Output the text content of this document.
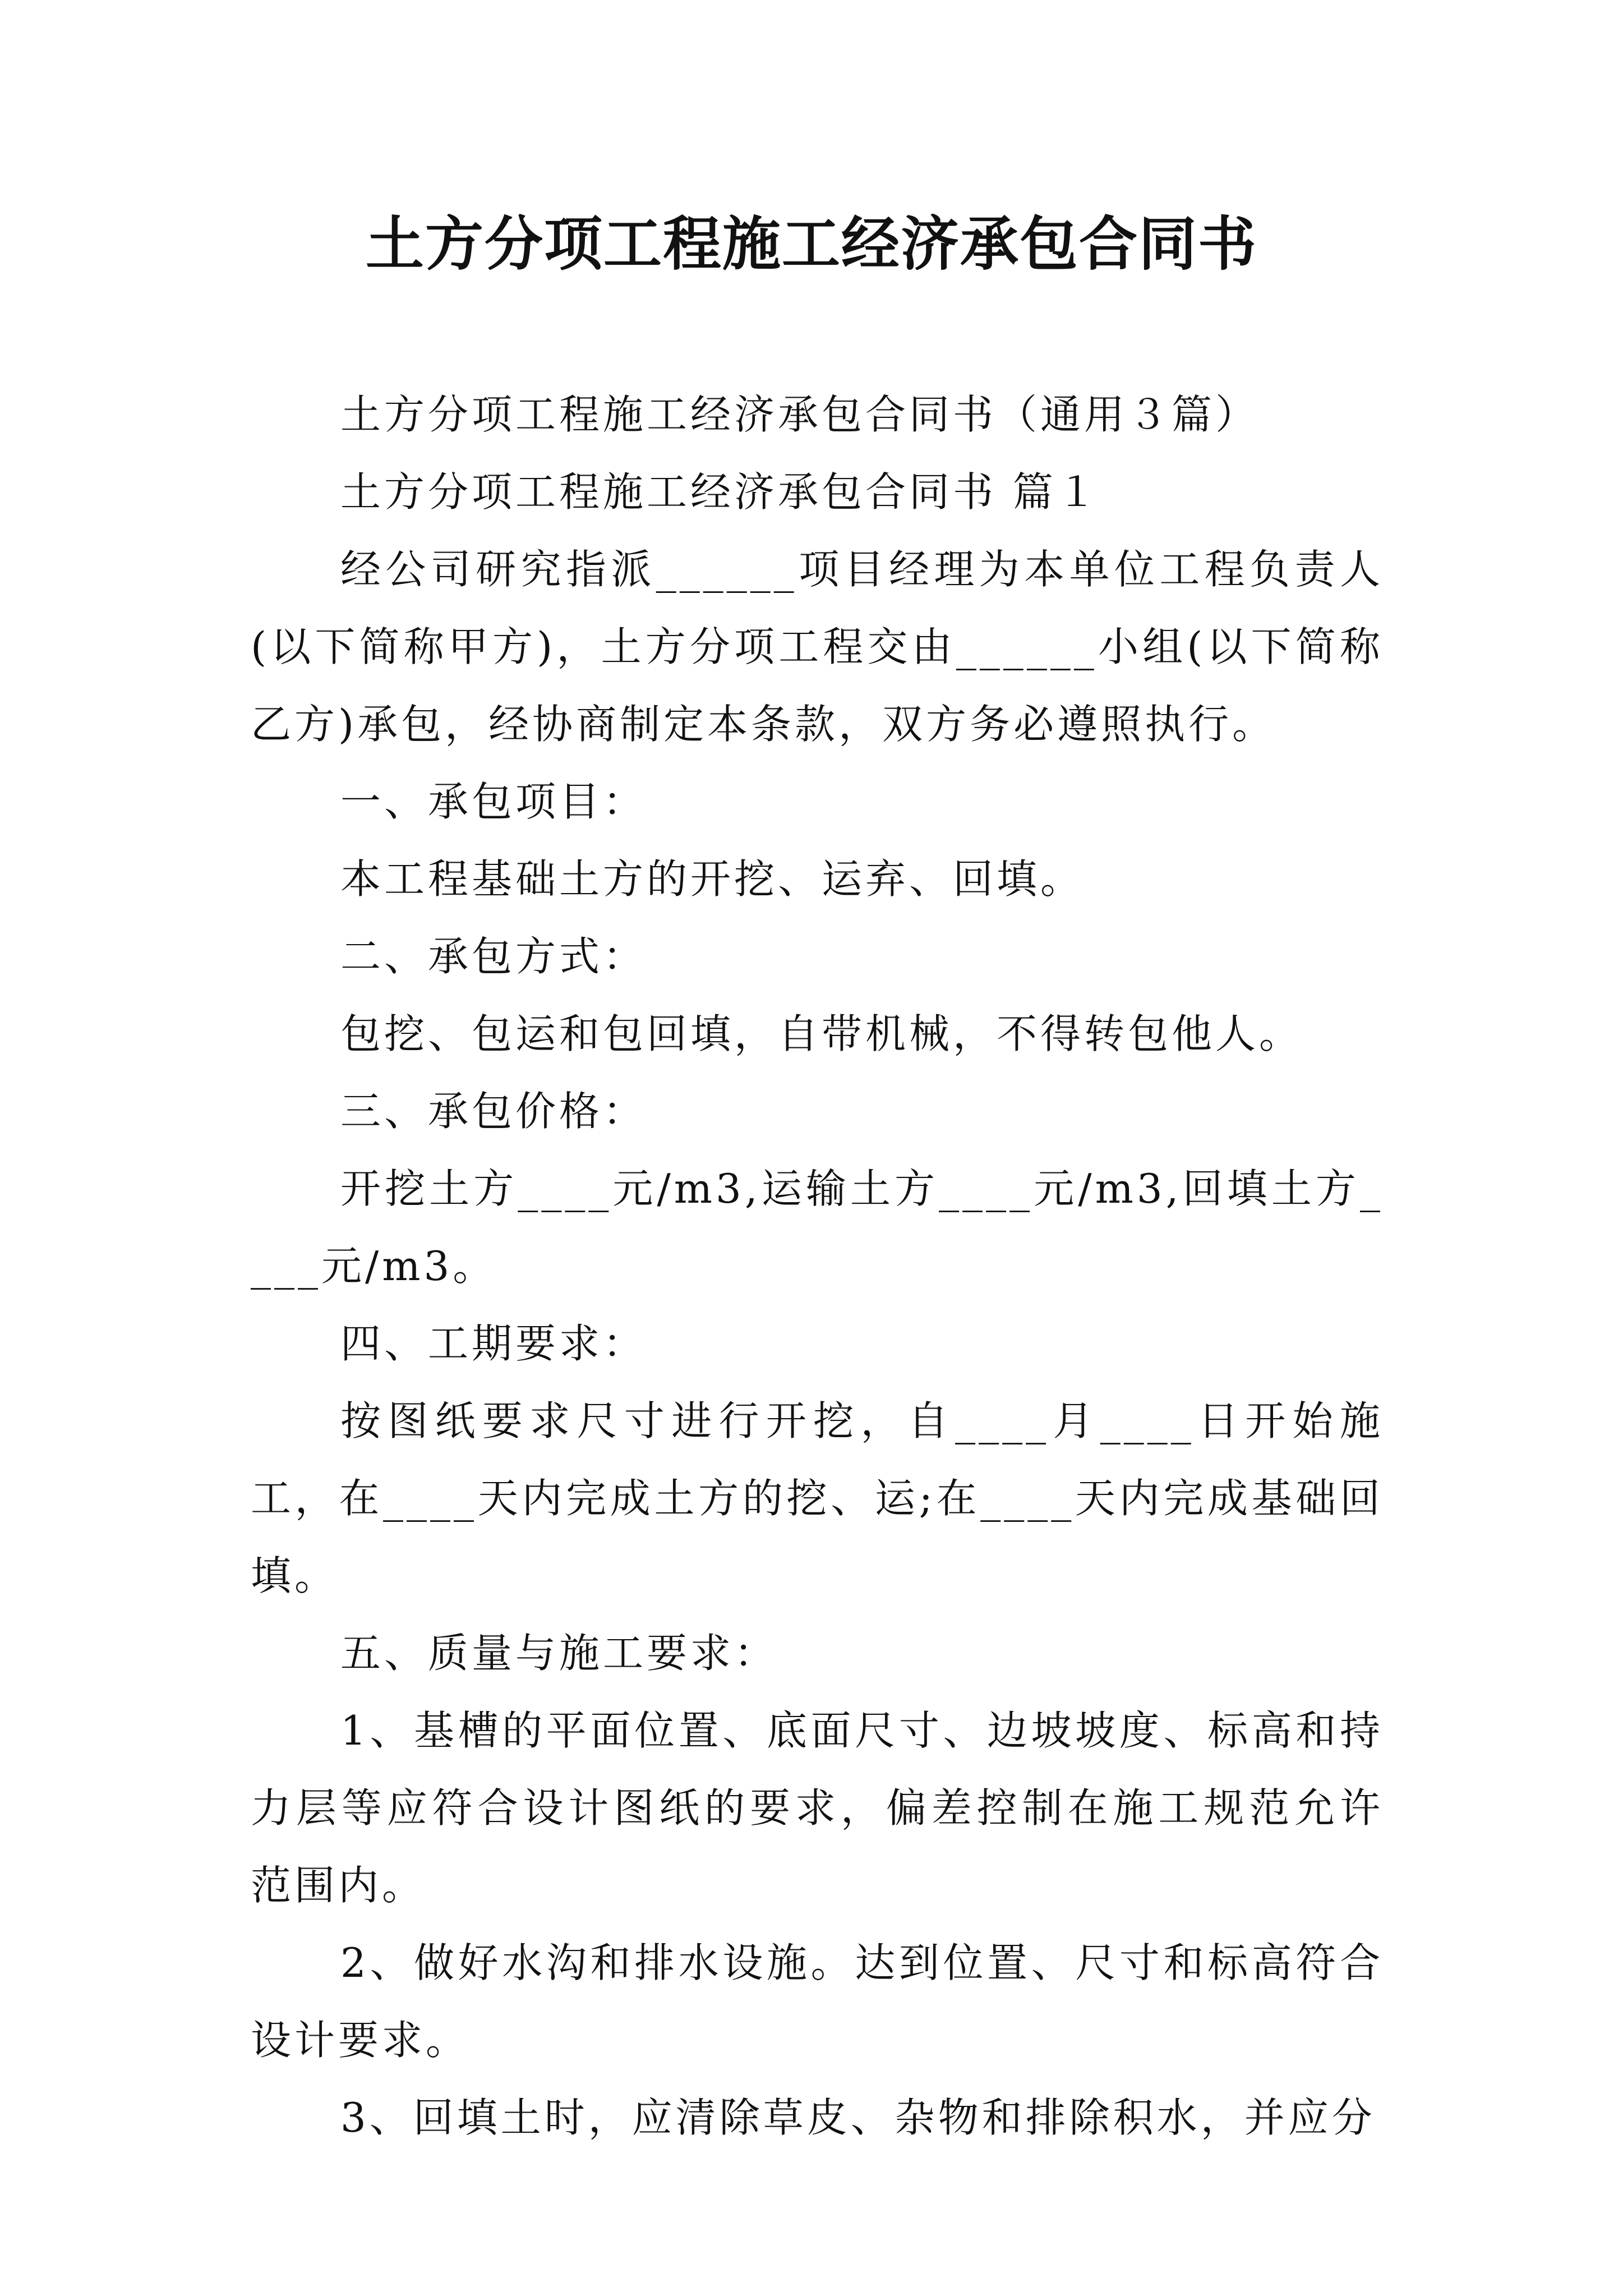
土方分项工程施工经济承包合同书

土方分项工程施工经济承包合同书（通用３篇）

土方分项工程施工经济承包合同书 篇１

经公司研究指派______项目经理为本单位工程负责人(以下简称甲方)，土方分项工程交由______小组(以下简称乙方)承包，经协商制定本条款，双方务必遵照执行。

一、承包项目：

本工程基础土方的开挖、运弃、回填。

二、承包方式：

包挖、包运和包回填，自带机械，不得转包他人。

三、承包价格：

开挖土方____元/m3,运输土方____元/m3,回填土方____元/m3。

四、工期要求：

按图纸要求尺寸进行开挖，自____月____日开始施工，在____天内完成土方的挖、运;在____天内完成基础回填。

五、质量与施工要求：

1、基槽的平面位置、底面尺寸、边坡坡度、标高和持力层等应符合设计图纸的要求，偏差控制在施工规范允许范围内。

2、做好水沟和排水设施。达到位置、尺寸和标高符合设计要求。

3、回填土时，应清除草皮、杂物和排除积水，并应分
